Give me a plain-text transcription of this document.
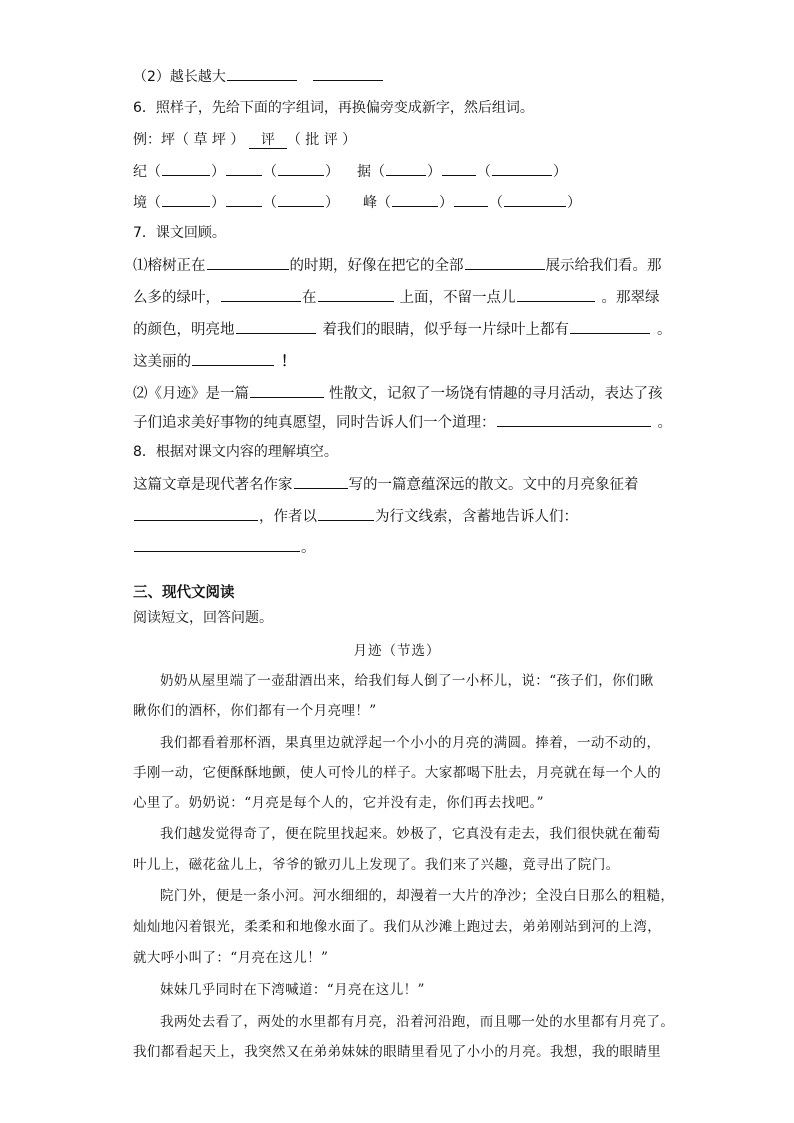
（2）越长越大
6．照样子，先给下面的字组词，再换偏旁变成新字，然后组词。
例：坪（ 草 坪 ） 评 （ 批 评 ）
纪（	）	（	） 据（	）	（	）
境（	）	（	） 峰（	）	（	）
7．课文回顾。
⑴榕树正在	的时期，好像在把它的全部	展示给我们看。那
么多的绿叶，	在	上面，不留一点儿	。那翠绿
的颜色，明亮地	着我们的眼睛，似乎每一片绿叶上都有	。
这美丽的	！
⑵《月迹》是一篇	性散文，记叙了一场饶有情趣的寻月活动，表达了孩
子们追求美好事物的纯真愿望，同时告诉人们一个道理：	。
8．根据对课文内容的理解填空。
这篇文章是现代著名作家	写的一篇意蕴深远的散文。文中的月亮象征着
，作者以	为行文线索，含蓄地告诉人们：
。
三、现代文阅读
阅读短文，回答问题。
月迹（节选）
奶奶从屋里端了一壶甜酒出来，给我们每人倒了一小杯儿，说：“孩子们，你们瞅
瞅你们的酒杯，你们都有一个月亮哩！”
我们都看着那杯酒，果真里边就浮起一个小小的月亮的满圆。捧着，一动不动的，
手刚一动，它便酥酥地颤，使人可怜儿的样子。大家都喝下肚去，月亮就在每一个人的
心里了。奶奶说：“月亮是每个人的，它并没有走，你们再去找吧。”
我们越发觉得奇了，便在院里找起来。妙极了，它真没有走去，我们很快就在葡萄
叶儿上，磁花盆儿上，爷爷的锨刃儿上发现了。我们来了兴趣，竟寻出了院门。
院门外，便是一条小河。河水细细的，却漫着一大片的净沙；全没白日那么的粗糙，
灿灿地闪着银光，柔柔和和地像水面了。我们从沙滩上跑过去，弟弟刚站到河的上湾，
就大呼小叫了：“月亮在这儿！”
妹妹几乎同时在下湾喊道：“月亮在这儿！”
我两处去看了，两处的水里都有月亮，沿着河沿跑，而且哪一处的水里都有月亮了。
我们都看起天上，我突然又在弟弟妹妹的眼睛里看见了小小的月亮。我想，我的眼睛里
